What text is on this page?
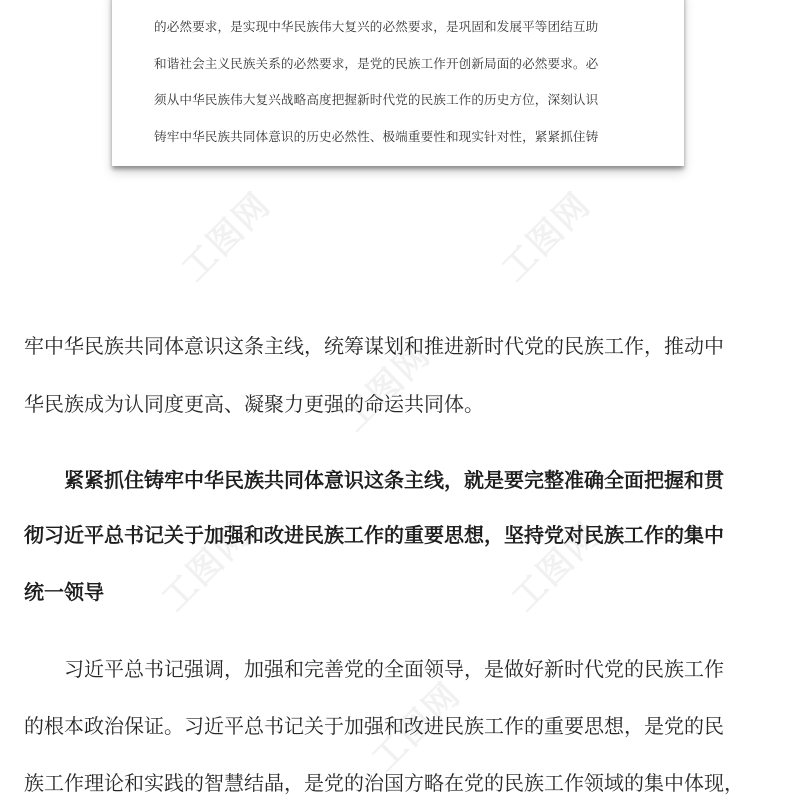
工图网	工图网
工图网
工图网	工图网
工图网
的必然要求，是实现中华民族伟大复兴的必然要求，是巩固和发展平等团结互助
和谐社会主义民族关系的必然要求，是党的民族工作开创新局面的必然要求。必
须从中华民族伟大复兴战略高度把握新时代党的民族工作的历史方位，深刻认识
铸牢中华民族共同体意识的历史必然性、极端重要性和现实针对性，紧紧抓住铸
牢中华民族共同体意识这条主线，统筹谋划和推进新时代党的民族工作，推动中
华民族成为认同度更高、凝聚力更强的命运共同体。
紧紧抓住铸牢中华民族共同体意识这条主线，就是要完整准确全面把握和贯
彻习近平总书记关于加强和改进民族工作的重要思想，坚持党对民族工作的集中
统一领导
习近平总书记强调，加强和完善党的全面领导，是做好新时代党的民族工作
的根本政治保证。习近平总书记关于加强和改进民族工作的重要思想，是党的民
族工作理论和实践的智慧结晶，是党的治国方略在党的民族工作领域的集中体现，
